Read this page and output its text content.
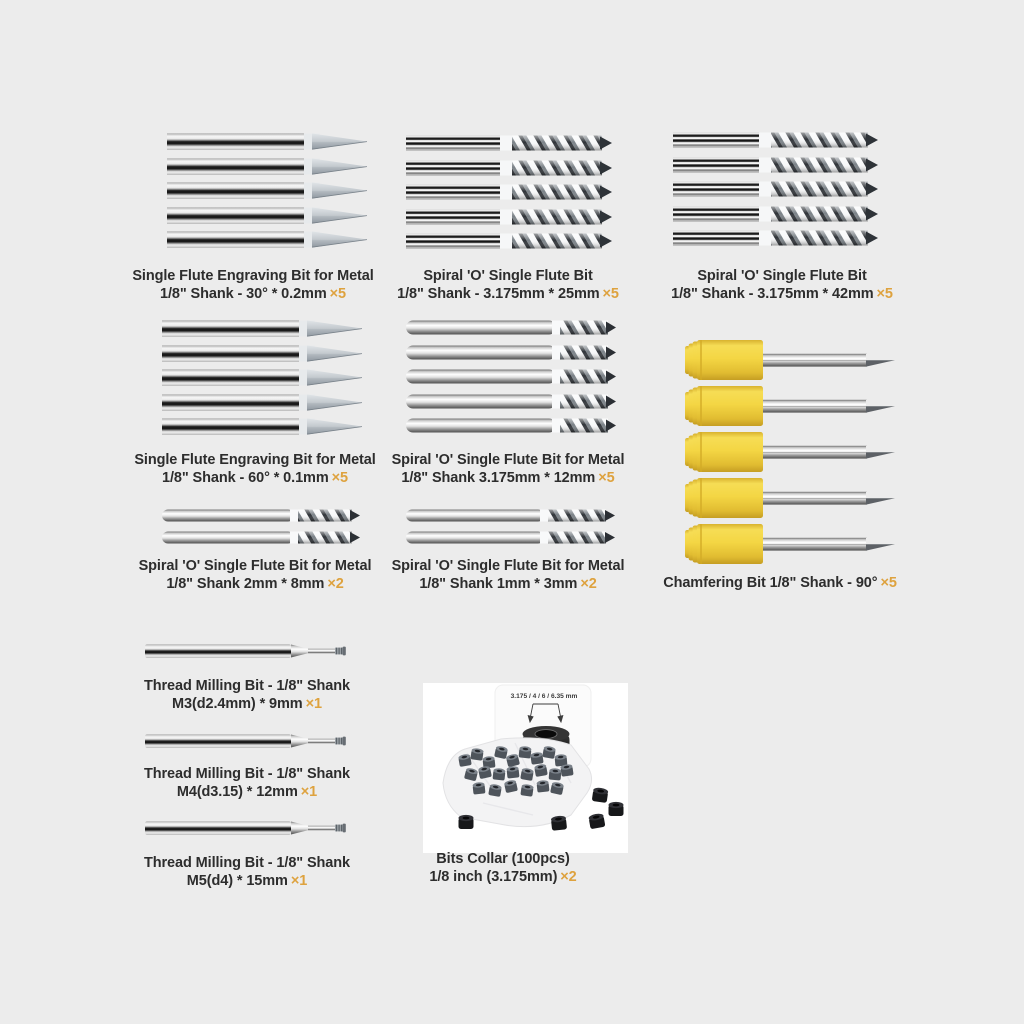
3.175 / 4 / 6 / 6.35 mm
Single Flute Engraving Bit for Metal
1/8" Shank - 30° * 0.2mm ×5
Spiral 'O' Single Flute Bit
1/8" Shank - 3.175mm * 25mm ×5
Spiral 'O' Single Flute Bit
1/8" Shank - 3.175mm * 42mm ×5
Single Flute Engraving Bit for Metal
1/8" Shank - 60° * 0.1mm ×5
Spiral 'O' Single Flute Bit for Metal
1/8" Shank 3.175mm * 12mm ×5
Chamfering Bit 1/8" Shank - 90° ×5
Spiral 'O' Single Flute Bit for Metal
1/8" Shank 2mm * 8mm ×2
Spiral 'O' Single Flute Bit for Metal
1/8" Shank 1mm * 3mm ×2
Thread Milling Bit - 1/8" Shank
M3(d2.4mm) * 9mm ×1
Thread Milling Bit - 1/8" Shank
M4(d3.15) * 12mm ×1
Thread Milling Bit - 1/8" Shank
M5(d4) * 15mm ×1
Bits Collar (100pcs)
1/8 inch (3.175mm) ×2
